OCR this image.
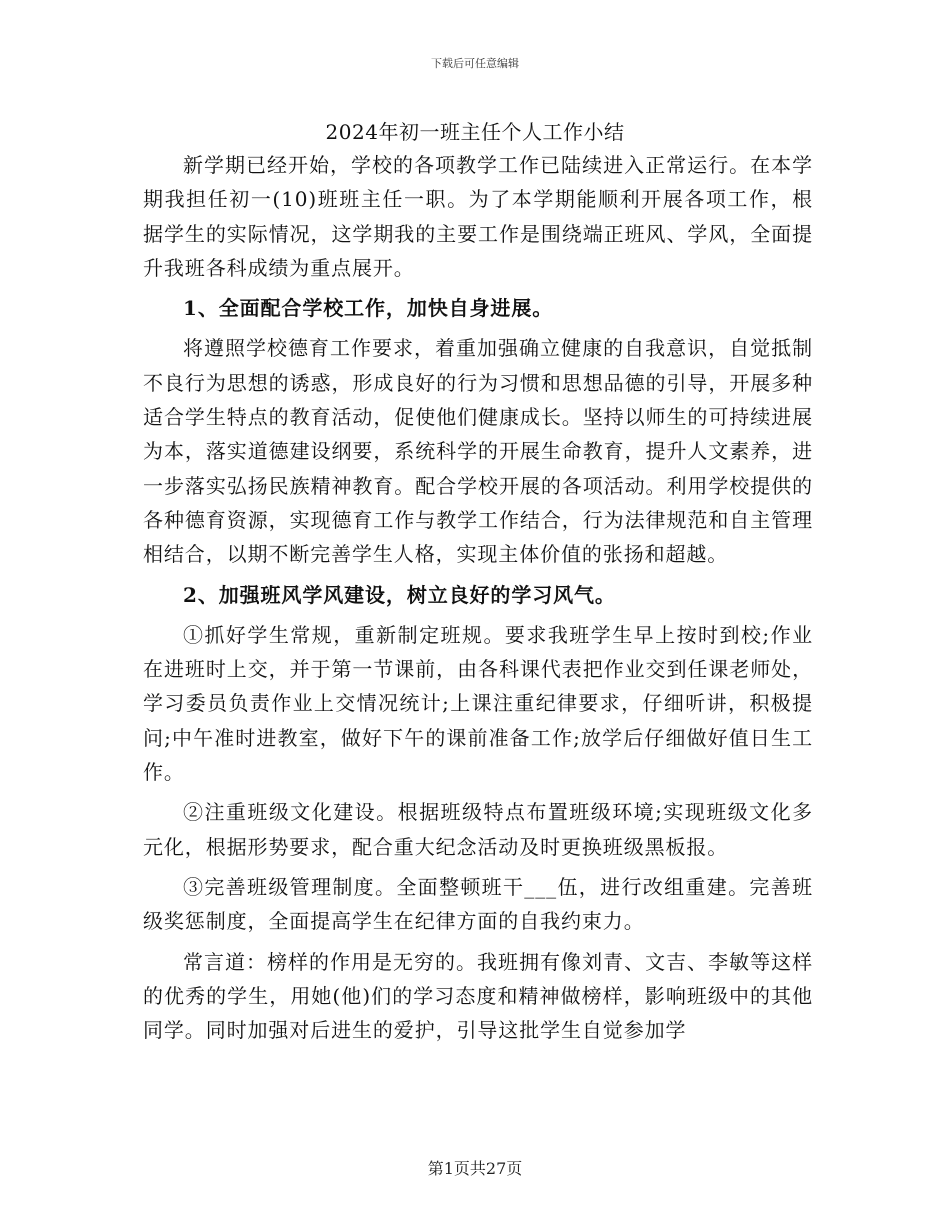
下载后可任意编辑
2024年初一班主任个人工作小结

新学期已经开始，学校的各项教学工作已陆续进入正常运行。在本学期我担任初一(10)班班主任一职。为了本学期能顺利开展各项工作，根据学生的实际情况，这学期我的主要工作是围绕端正班风、学风，全面提升我班各科成绩为重点展开。

1、全面配合学校工作，加快自身进展。

将遵照学校德育工作要求，着重加强确立健康的自我意识，自觉抵制不良行为思想的诱惑，形成良好的行为习惯和思想品德的引导，开展多种适合学生特点的教育活动，促使他们健康成长。坚持以师生的可持续进展为本，落实道德建设纲要，系统科学的开展生命教育，提升人文素养，进一步落实弘扬民族精神教育。配合学校开展的各项活动。利用学校提供的各种德育资源，实现德育工作与教学工作结合，行为法律规范和自主管理相结合，以期不断完善学生人格，实现主体价值的张扬和超越。

2、加强班风学风建设，树立良好的学习风气。

①抓好学生常规，重新制定班规。要求我班学生早上按时到校;作业在进班时上交，并于第一节课前，由各科课代表把作业交到任课老师处，学习委员负责作业上交情况统计;上课注重纪律要求，仔细听讲，积极提问;中午准时进教室，做好下午的课前准备工作;放学后仔细做好值日生工作。

②注重班级文化建设。根据班级特点布置班级环境;实现班级文化多元化，根据形势要求，配合重大纪念活动及时更换班级黑板报。

③完善班级管理制度。全面整顿班干___伍，进行改组重建。完善班级奖惩制度，全面提高学生在纪律方面的自我约束力。

常言道：榜样的作用是无穷的。我班拥有像刘青、文吉、李敏等这样的优秀的学生，用她(他)们的学习态度和精神做榜样，影响班级中的其他同学。同时加强对后进生的爱护，引导这批学生自觉参加学

第1页共27页
